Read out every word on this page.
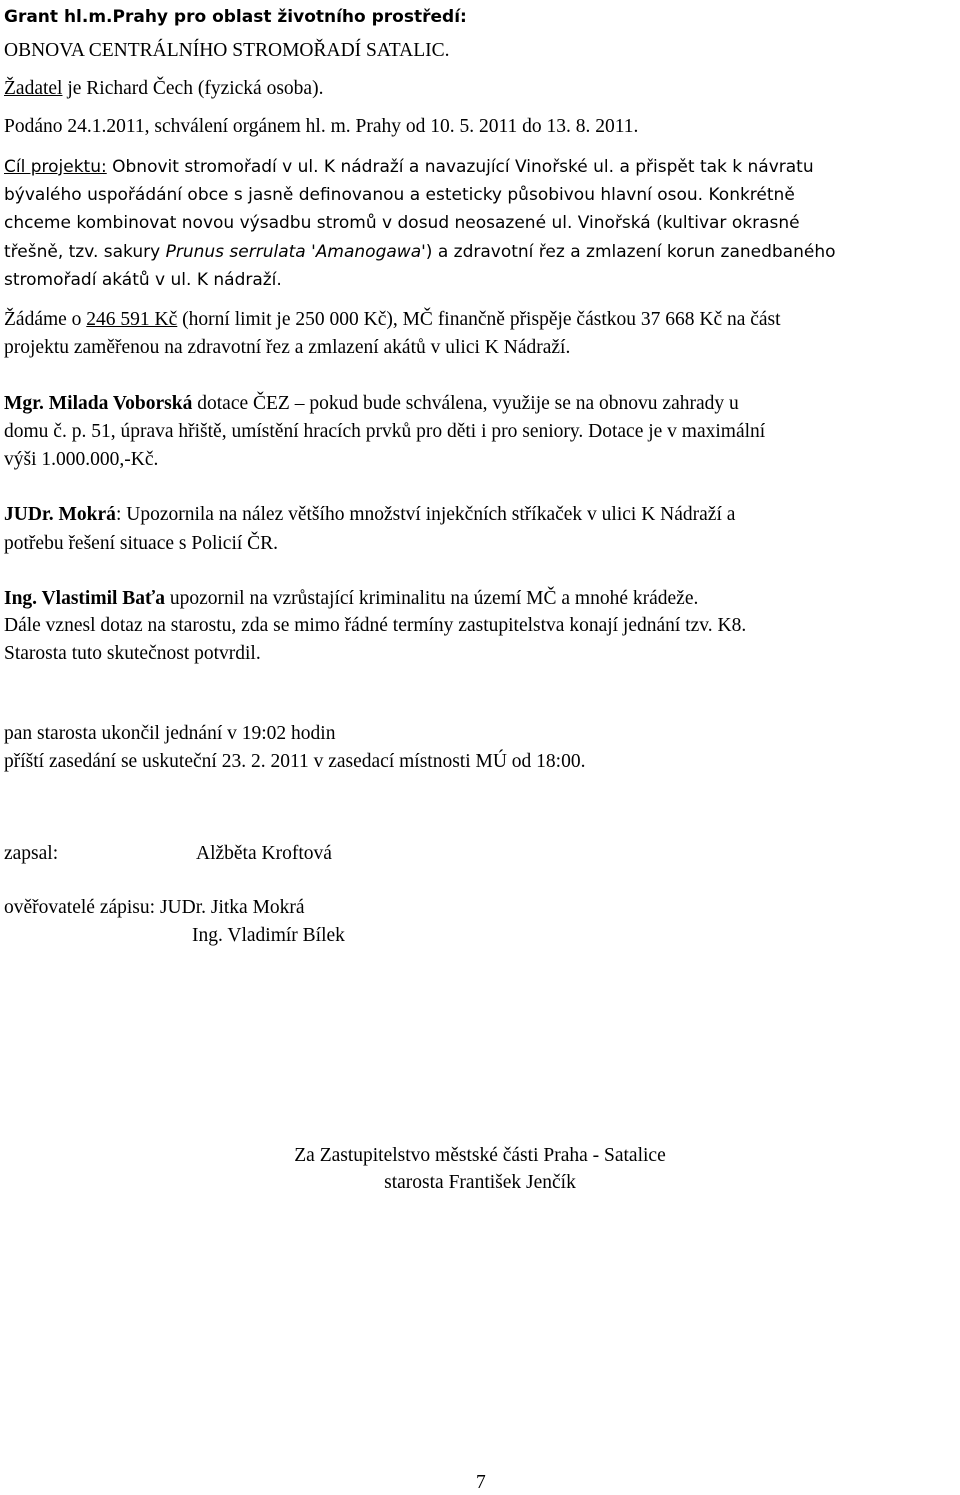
Grant hl.m.Prahy pro oblast životního prostředí:
OBNOVA CENTRÁLNÍHO STROMOŘADÍ SATALIC.
Žadatel je Richard Čech (fyzická osoba).
Podáno 24.1.2011, schválení orgánem hl. m. Prahy od 10. 5. 2011 do 13. 8. 2011.
Cíl projektu: Obnovit stromořadí v ul. K nádraží a navazující Vinořské ul. a přispět tak k návratu
bývalého uspořádání obce s jasně definovanou a esteticky působivou hlavní osou. Konkrétně
chceme kombinovat novou výsadbu stromů v dosud neosazené ul. Vinořská (kultivar okrasné
třešně, tzv. sakury Prunus serrulata 'Amanogawa') a zdravotní řez a zmlazení korun zanedbaného
stromořadí akátů v ul. K nádraží.
Žádáme o 246 591 Kč (horní limit je 250 000 Kč), MČ finančně přispěje částkou 37 668 Kč na část
projektu zaměřenou na zdravotní řez a zmlazení akátů v ulici K Nádraží.
Mgr. Milada Voborská dotace ČEZ – pokud bude schválena, využije se na obnovu zahrady u
domu č. p. 51, úprava hřiště, umístění hracích prvků pro děti i pro seniory. Dotace je v maximální
výši 1.000.000,-Kč.
JUDr. Mokrá: Upozornila na nález většího množství injekčních stříkaček v ulici K Nádraží a
potřebu řešení situace s Policií ČR.
Ing. Vlastimil Baťa upozornil na vzrůstající kriminalitu na území MČ a mnohé krádeže.
Dále vznesl dotaz na starostu, zda se mimo řádné termíny zastupitelstva konají jednání tzv. K8.
Starosta tuto skutečnost potvrdil.
pan starosta ukončil jednání v 19:02 hodin
příští zasedání se uskuteční 23. 2. 2011 v zasedací místnosti MÚ od 18:00.
zapsal:	Alžběta Kroftová
ověřovatelé zápisu: JUDr. Jitka Mokrá
Ing. Vladimír Bílek
Za Zastupitelstvo městské části Praha - Satalice
starosta František Jenčík
7
